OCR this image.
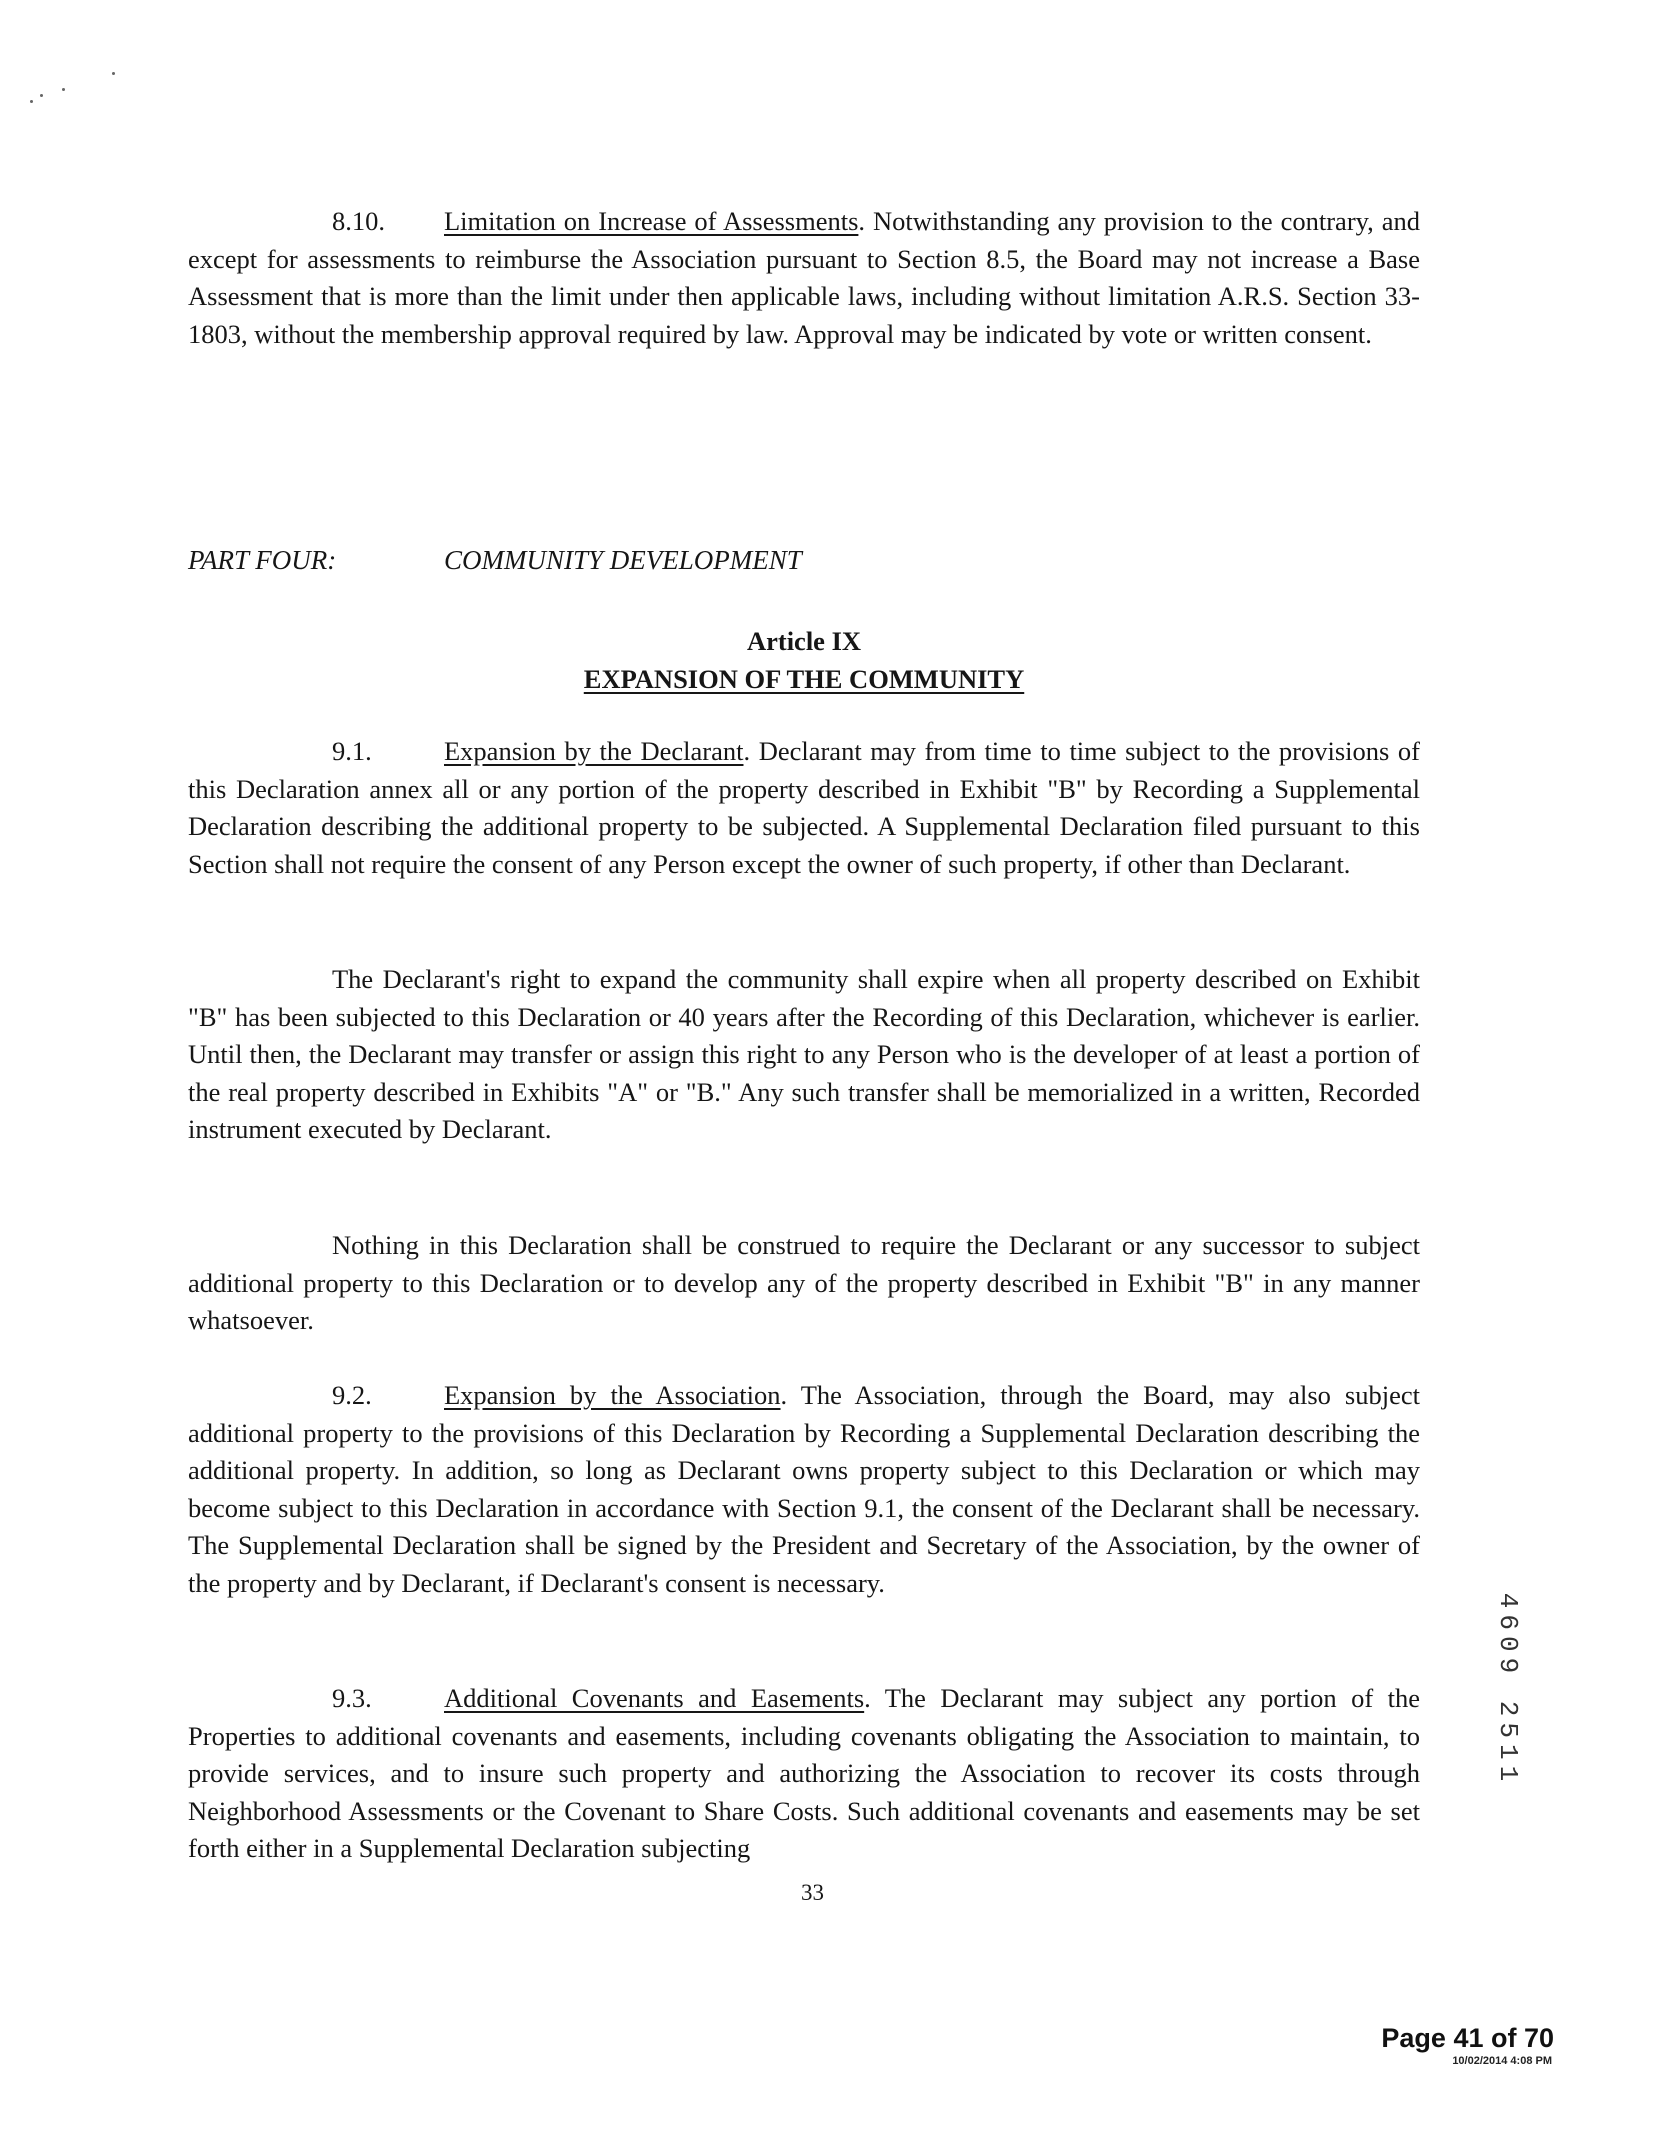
8.10. Limitation on Increase of Assessments. Notwithstanding any provision to the contrary, and except for assessments to reimburse the Association pursuant to Section 8.5, the Board may not increase a Base Assessment that is more than the limit under then applicable laws, including without limitation A.R.S. Section 33-1803, without the membership approval required by law. Approval may be indicated by vote or written consent.

PART FOUR:	COMMUNITY DEVELOPMENT
Article IX
EXPANSION OF THE COMMUNITY

9.1.	Expansion by the Declarant. Declarant may from time to time subject to the provisions of this Declaration annex all or any portion of the property described in Exhibit "B" by Recording a Supplemental Declaration describing the additional property to be subjected. A Supplemental Declaration filed pursuant to this Section shall not require the consent of any Person except the owner of such property, if other than Declarant.

The Declarant's right to expand the community shall expire when all property described on Exhibit "B" has been subjected to this Declaration or 40 years after the Recording of this Declaration, whichever is earlier. Until then, the Declarant may transfer or assign this right to any Person who is the developer of at least a portion of the real property described in Exhibits "A" or "B." Any such transfer shall be memorialized in a written, Recorded instrument executed by Declarant.

Nothing in this Declaration shall be construed to require the Declarant or any successor to subject additional property to this Declaration or to develop any of the property described in Exhibit "B" in any manner whatsoever.

9.2.	Expansion by the Association. The Association, through the Board, may also subject additional property to the provisions of this Declaration by Recording a Supplemental Declaration describing the additional property. In addition, so long as Declarant owns property subject to this Declaration or which may become subject to this Declaration in accordance with Section 9.1, the consent of the Declarant shall be necessary. The Supplemental Declaration shall be signed by the President and Secretary of the Association, by the owner of the property and by Declarant, if Declarant's consent is necessary.

9.3.	Additional Covenants and Easements. The Declarant may subject any portion of the Properties to additional covenants and easements, including covenants obligating the Association to maintain, to provide services, and to insure such property and authorizing the Association to recover its costs through Neighborhood Assessments or the Covenant to Share Costs. Such additional covenants and easements may be set forth either in a Supplemental Declaration subjecting

33
4609 2511
Page 41 of 70
10/02/2014 4:08 PM
